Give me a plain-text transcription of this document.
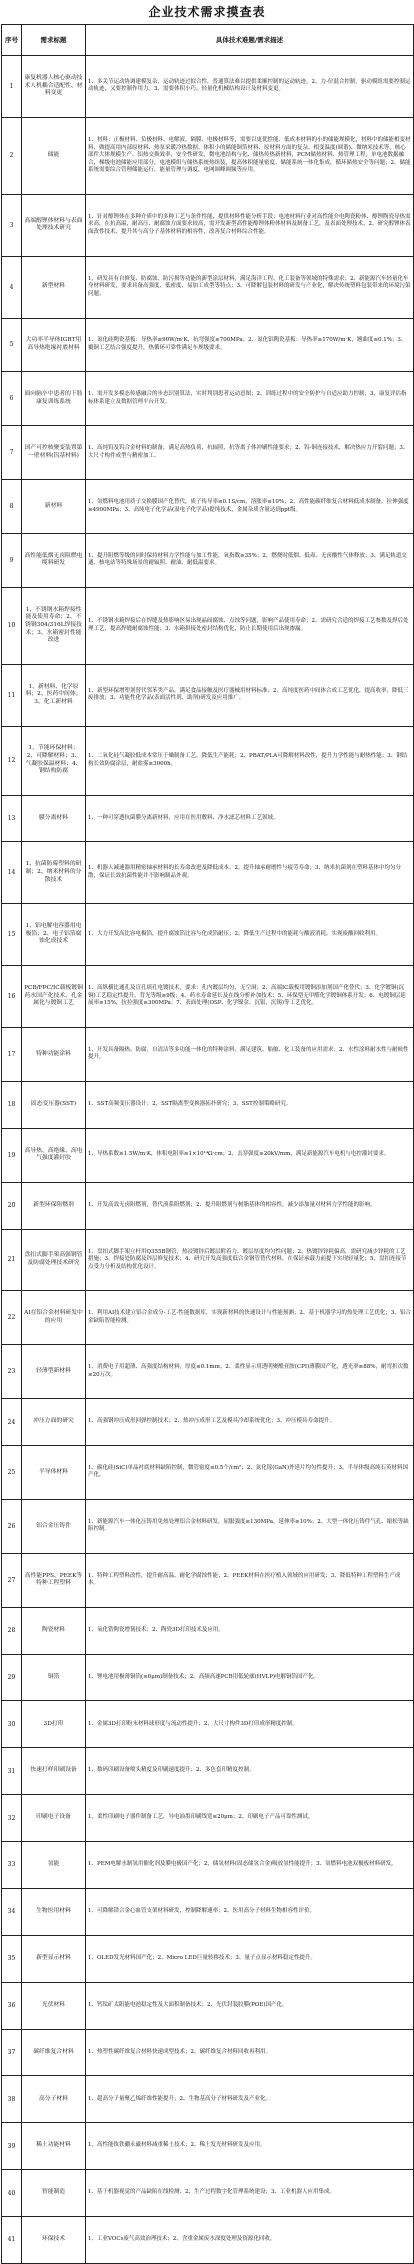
企业技术需求摸查表
序号	需求标题	具体技术难题/需求描述
1	康复机器人核心驱动技术人机耦合适配性、材料变更	1、多关节运动协调建模复杂，运动轨迹过拟合性，普通算法难以提供柔顺控制的运动轨迹。2、力-位混合控制，驱动模组需要控制运动轨迹，又要控制作用力。3、需要体积小巧、轻量化机械结构设计及材料变更。
2	储能	1、材料：正极材料、负极材料、电解液、隔膜、电极材料等，需要以更优性能、低成本材料的小的储能规模化，材料中的储能相变材料、做提高用内部原材料、热泵采暖冷热数据、体积小的储能铜箔材料、原材料方面的复杂、相变温度(调谐)、微纳米技术等，核心部件大体规模生产、铝热交换效率，安全性研发，微电池结构与化、储热传热新材料，PCM储热材料、热管理工程，单电池数据融合，梯级电池储能应用部分，电池模组与储热系统热组装，提高体积能量密度、储能系统一体化集成，循环储热安全等问题；2、储能系统需要综合管理储能运行，能量管理与调度，电网调峰调频等应用。
3	高端醇锂体材料与表面处理技术研究	1、针对醇锂体在多种介质中的多种工艺与条件性能，提供材料性能分析手段；电池材料行业对高性能介电陶瓷粉体、醇锂陶瓷导热需求高，在抗高温、耐高压、耐腐蚀方面要求较高，需开发新型高性能醇锂体粉体材料及制备工艺，及表面处理技术。2、研究醇锂体表面改性技术，提升其与高分子基体材料的相容性，改善复合材料综合性能。
4	新型材料	1、研发具有自修复、防腐蚀、防污损等功能的新型涂层材料，满足海洋工程、化工装备等领域的特殊需求；2、新能源汽车轻量化车身材料研发，要求具备高强度、低密度、易加工成型等特点；3、可降解包装材料的研发与产业化，解决传统塑料包装带来的环境污染问题。
5	大功率半导体IGBT用高导热绝缘衬底材料	1、氮化硅陶瓷基板：导热率≥90W/m·K，抗弯强度≥700MPa；2、氮化铝陶瓷基板：导热率≥170W/m·K，翘曲度≤0.1%；3、覆铜工艺结合强度提升，热循环可靠性满足车规级要求。
6	面向脑卒中患者的下肢康复训练系统	1、需开发多模态传感融合的步态识别算法，实时判别患者运动意图；2、训练过程中的安全防护与自适应助力控制；3、康复评估指标体系建立及数据管理平台开发。
7	国产可控核聚变装置第一壁材料(钨基材料)	1、高纯钨及钨合金材料的制备，满足高热负荷、抗辐照、抗等离子体冲刷性能要求；2、钨-铜连接技术，解决热应力开裂问题；3、大尺寸构件成型与精密加工。
8	新材料	1、氢燃料电池用质子交换膜国产化替代，质子传导率≥0.1S/cm，溶胀率≤10%；2、高性能碳纤维复合材料低成本制备，拉伸强度≥4900MPa；3、高纯电子化学品(湿电子化学品)提纯技术，金属杂质含量达到ppt级。
9	高性能低烟无卤阻燃电缆料研发	1、提升阻燃等级的同时保持材料力学性能与加工性能，氧指数≥35%；2、燃烧时低烟、低毒、无卤酸性气体释放；3、满足轨道交通、核电站等特殊场景的耐辐照、耐油、耐低温要求。
10	1、不锈钢水箱焊接性能及使用寿命；2、不锈钢304/316L焊接技术；3、水箱密封性能改进	1、不锈钢水箱焊接后在焊缝及热影响区易出现晶间腐蚀、点蚀等问题，影响产品使用寿命；2、需研究合适的焊接工艺参数及焊后处理工艺，提高焊缝耐腐蚀性能；3、水箱拼接处密封结构优化，防止长期使用后出现渗漏。
11	1、新材料、化学原料；2、医药中间体；3、化工新材料	1、新型环保增塑剂替代邻苯类产品，满足食品接触及医疗器械用材料标准；2、高纯度医药中间体合成工艺优化，提高收率、降低三废排放；3、功能性化学品(表面活性剂、助剂)研发及应用推广。
12	1、节能环保材料；2、可降解材料；3、气凝胶保温材料；4、钢结构防腐	1、二氧化硅气凝胶低成本常压干燥制备工艺，降低生产能耗；2、PBAT/PLA可降解材料改性，提升力学性能与耐热性能；3、钢结构长效防腐涂层，耐盐雾≥3000h。
13	膜分离材料	1、一种可穿透抗菌膜分离新材料，应用在医用敷料、净水滤芯材料工艺领域。
14	1、抗菌防霉塑料的研制；2、纳米材料的分散技术	1、机器人减速器用精密轴承材料的长寿命改进及降低成本。2、提升轴承耐磨性与疲劳寿命；3、纳米抗菌剂在塑料基体中均匀分散，保证长效抗菌性能并不影响制品外观。
15	1、铝电解电容器用电极箔；2、电子铝箔腐蚀化成技术	1、大力开发高比容电极箔，提升腐蚀箔比容与化成箔耐压；2、降低生产过程中的能耗与酸液消耗，实现废酸回收利用。
16	PCB/FPC/IC载板镀铜药水国产化技术、孔金属化与镀铜工艺	1、高纵横比通孔及盲孔填孔电镀技术，要求：孔内镀层均匀，无空洞；2、高端IC载板用镀铜添加剂国产化替代；3、化学镀铜(沉铜)工艺稳定性提升，背光等级≥9级；4、药水寿命延长及在线分析补加技术；5、环保型无甲醛化学镀铜体系开发；6、电镀铜层延展率≥15%，抗拉强度≥300MPa；7、表面处理(OSP、化学镍金、沉银、沉锡)等工艺优化。
17	特种功能涂料	1、开发具备隔热、防腐、自清洁等多功能一体化的特种涂料，满足建筑、船舶、化工装备的应用需求；2、水性涂料耐水性与耐候性提升。
18	固态变压器(SST)	1、SST高频变压器设计；2、SST隔离型变换器拓扑研究；3、SST控制策略研究。
19	高导热、高绝缘、高电气强度灌封胶	1、导热系数≥1.5W/m·K，体积电阻率≥1×10¹⁴Ω·cm；2、击穿强度≥20kV/mm，满足新能源汽车电机与电控灌封要求。
20	新型环保阻燃剂	1、开发高效无卤阻燃剂，替代溴系阻燃剂；2、提升阻燃剂与树脂基体的相容性，减少添加量对材料力学性能的影响。
21	盘扣式脚手架高强钢管及防腐处理技术研究	1、盘扣式脚手架立杆用Q355B钢管，热浸镀锌后镀层附着力、镀层厚度均匀性问题；2、热镀锌锌耗偏高，需研究减少锌耗的工艺措施；3、焊接处防腐及锌层修复技术；4、研究开发高强度低合金钢管替代材料，在保证承载力前提下实现轻量化；5、盘扣连接节点受力分析及结构优化设计。
22	AI在铝合金材料研发中的应用	1、利用AI技术建立铝合金成分-工艺-性能数据库，实现新材料的快速设计与性能预测；2、基于机器学习的热处理工艺优化；3、铝合金缺陷智能检测。
23	轻薄型新材料	1、消费电子用超薄、高强度结构材料，厚度≤0.1mm；2、柔性显示用透明聚酰亚胺(CPI)薄膜国产化，透光率≥88%，耐弯折次数≥20万次。
24	冲压方面的研究	1、高强钢冲压成形回弹控制技术；2、热冲压成形工艺及模具冷却系统优化；3、冲压模具寿命提升。
25	半导体材料	1、碳化硅(SiC)单晶衬底材料缺陷控制，微管密度≤0.5个/cm²；2、氮化镓(GaN)外延片均匀性提升；3、半导体级高纯石英材料国产化。
26	铝合金压铸件	1、新能源汽车一体化压铸用免热处理铝合金材料研发，屈服强度≥130MPa，延伸率≥10%；2、大型一体化压铸件气孔、缩松等缺陷控制。
27	高性能PPS、PEEK等特种工程塑料	1、特种工程塑料改性，提升耐高温、耐化学腐蚀性能；2、PEEK材料在医疗植入领域的应用研发；3、降低特种工程塑料生产成本。
28	陶瓷材料	1、氧化锆陶瓷增韧技术；2、陶瓷3D打印技术及应用。
29	铜箔	1、锂电池用极薄铜箔(≤6μm)制备技术；2、高频高速PCB用低轮廓(HVLP)电解铜箔国产化。
30	3D打印	1、金属3D打印粉末材料球形度与流动性提升；2、大尺寸构件3D打印成形精度控制。
31	快速打样印刷设备	1、数码印刷设备喷头精度及印刷速度提升；2、多色套印精度控制。
32	印刷电子设备	1、柔性印刷电子器件制备工艺，导电油墨印刷线宽≤20μm；2、印刷电子产品可靠性测试。
33	氢能	1、PEM电解水制氢用催化剂及膜电极国产化；2、储氢材料(固态储氢合金)吸放氢性能提升；3、氢燃料电池双极板材料研发。
34	生物医用材料	1、可降解镁合金心血管支架材料研发，控制降解速率；2、医用高分子材料生物相容性评价。
35	新型显示材料	1、OLED发光材料国产化；2、Micro LED巨量转移技术；3、量子点显示材料稳定性提升。
36	光伏材料	1、钙钛矿太阳能电池稳定性及大面积制备技术；2、光伏封装胶膜(POE)国产化。
37	碳纤维复合材料	1、热塑性碳纤维复合材料快速成型技术；2、碳纤维复合材料回收再利用。
38	高分子材料	1、超高分子量聚乙烯纤维性能提升；2、生物基高分子材料研发及产业化。
39	稀土功能材料	1、高性能钕铁硼永磁材料减重稀土技术；2、稀土发光材料研发及应用。
40	智能制造	1、基于机器视觉的产品缺陷在线检测；2、生产过程数字化管理系统建设；3、工业机器人应用集成。
41	环保技术	1、工业VOCs废气高效治理技术；2、含重金属废水深度处理及资源化回收。
